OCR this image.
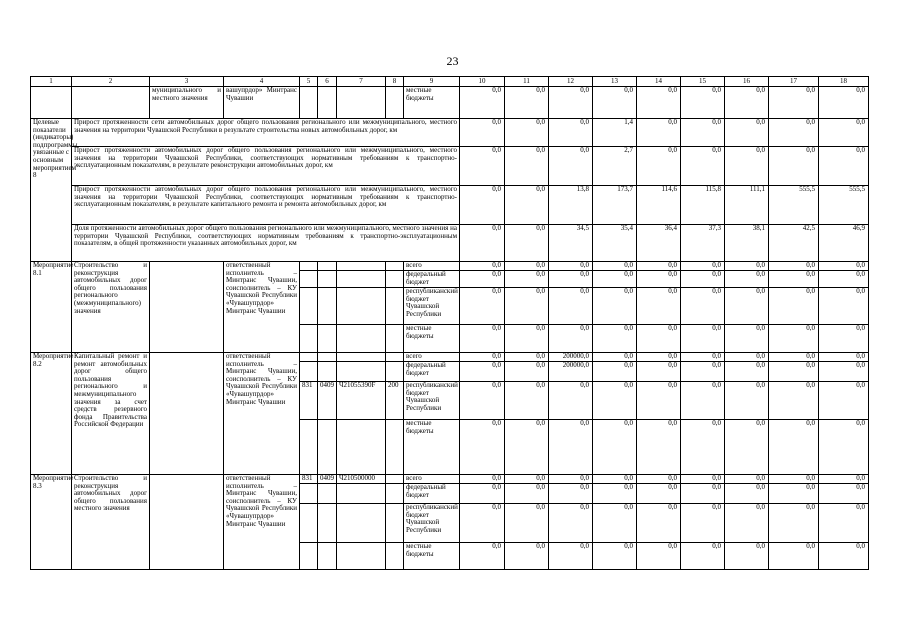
23
1	2	3	4	5	6	7	8	9	10	11	12	13	14	15	16	17	18
		муниципального и местного значения	вашупрдор» Минтранс Чувашии					местные бюджеты	0,0	0,0	0,0	0,0	0,0	0,0	0,0	0,0	0,0
Целевые показатели (индикаторы) подпрограммы, увязанные с основным мероприятием 8	Прирост протяженности сети автомобильных дорог общего пользования регионального или межмуниципального, местного значения на территории Чувашской Республики в результате строительства новых автомобильных дорог, км								0,0	0,0	0,0	1,4	0,0	0,0	0,0	0,0	0,0
	Прирост протяженности автомобильных дорог общего пользования регионального или межмуниципального, местного значения на территории Чувашской Республики, соответствующих нормативным требованиям к транспортно-эксплуатационным показателям, в результате реконструкции автомобильных дорог, км								0,0	0,0	0,0	2,7	0,0	0,0	0,0	0,0	0,0
	Прирост протяженности автомобильных дорог общего пользования регионального или межмуниципального, местного значения на территории Чувашской Республики, соответствующих нормативным требованиям к транспортно-эксплуатационным показателям, в результате капитального ремонта и ремонта автомобильных дорог, км								0,0	0,0	13,8	173,7	114,6	115,8	111,1	555,5	555,5
	Доля протяженности автомобильных дорог общего пользования регионального или межмуниципального, местного значения на территории Чувашской Республики, соответствующих нормативным требованиям к транспортно-эксплуатационным показателям, в общей протяженности указанных автомобильных дорог, км								0,0	0,0	34,5	35,4	36,4	37,3	38,1	42,5	46,9
Мероприятие 8.1	Строительство и реконструкция автомобильных дорог общего пользования регионального (межмуниципального) значения		ответственный исполнитель – Минтранс Чувашии, соисполнитель – КУ Чувашской Республики «Чувашупрдор» Минтранс Чувашии					всего	0,0	0,0	0,0	0,0	0,0	0,0	0,0	0,0	0,0
								федеральный бюджет	0,0	0,0	0,0	0,0	0,0	0,0	0,0	0,0	0,0
								республиканский бюджет Чувашской Республики	0,0	0,0	0,0	0,0	0,0	0,0	0,0	0,0	0,0
								местные бюджеты	0,0	0,0	0,0	0,0	0,0	0,0	0,0	0,0	0,0
Мероприятие 8.2	Капитальный ремонт и ремонт автомобильных дорог общего пользования регионального и межмуниципального значения за счет средств резервного фонда Правительства Российской Федерации		ответственный исполнитель – Минтранс Чувашии, соисполнитель – КУ Чувашской Республики «Чувашупрдор» Минтранс Чувашии					всего	0,0	0,0	200000,0	0,0	0,0	0,0	0,0	0,0	0,0
								федеральный бюджет	0,0	0,0	200000,0	0,0	0,0	0,0	0,0	0,0	0,0
				831	0409	Ч21055390F	200	республиканский бюджет Чувашской Республики	0,0	0,0	0,0	0,0	0,0	0,0	0,0	0,0	0,0
								местные бюджеты	0,0	0,0	0,0	0,0	0,0	0,0	0,0	0,0	0,0
Мероприятие 8.3	Строительство и реконструкция автомобильных дорог общего пользования местного значения		ответственный исполнитель – Минтранс Чувашии, соисполнитель – КУ Чувашской Республики «Чувашупрдор» Минтранс Чувашии	831	0409	Ч210500000		всего	0,0	0,0	0,0	0,0	0,0	0,0	0,0	0,0	0,0
								федеральный бюджет	0,0	0,0	0,0	0,0	0,0	0,0	0,0	0,0	0,0
								республиканский бюджет Чувашской Республики	0,0	0,0	0,0	0,0	0,0	0,0	0,0	0,0	0,0
								местные бюджеты	0,0	0,0	0,0	0,0	0,0	0,0	0,0	0,0	0,0
